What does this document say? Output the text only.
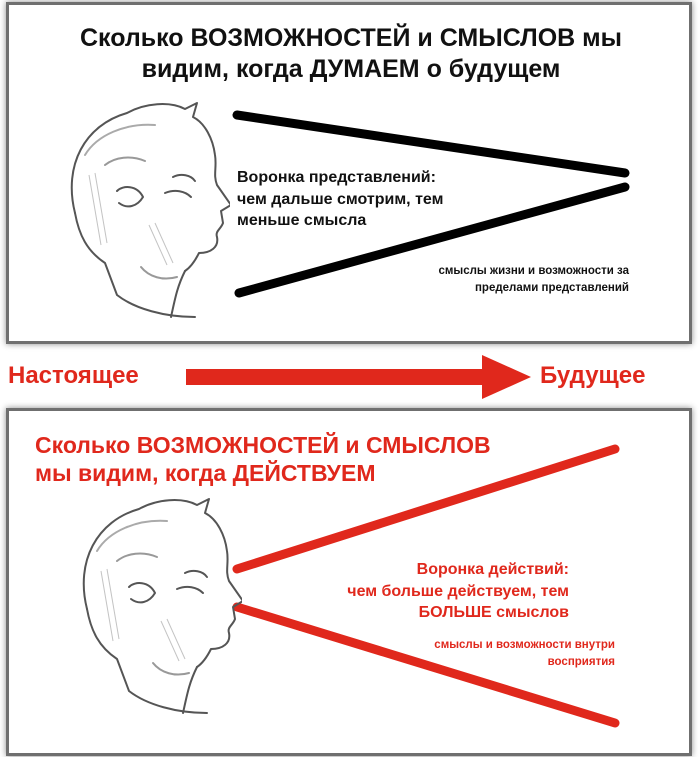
Сколько ВОЗМОЖНОСТЕЙ и СМЫСЛОВ мы видим, когда ДУМАЕМ о будущем
Воронка представлений:
чем дальше смотрим, тем
меньше смысла
смыслы жизни и возможности за
пределами представлений
Настоящее	Будущее
Сколько ВОЗМОЖНОСТЕЙ и СМЫСЛОВ
мы видим, когда ДЕЙСТВУЕМ
Воронка действий:
чем больше действуем, тем
БОЛЬШЕ смыслов
смыслы и возможности внутри
восприятия
